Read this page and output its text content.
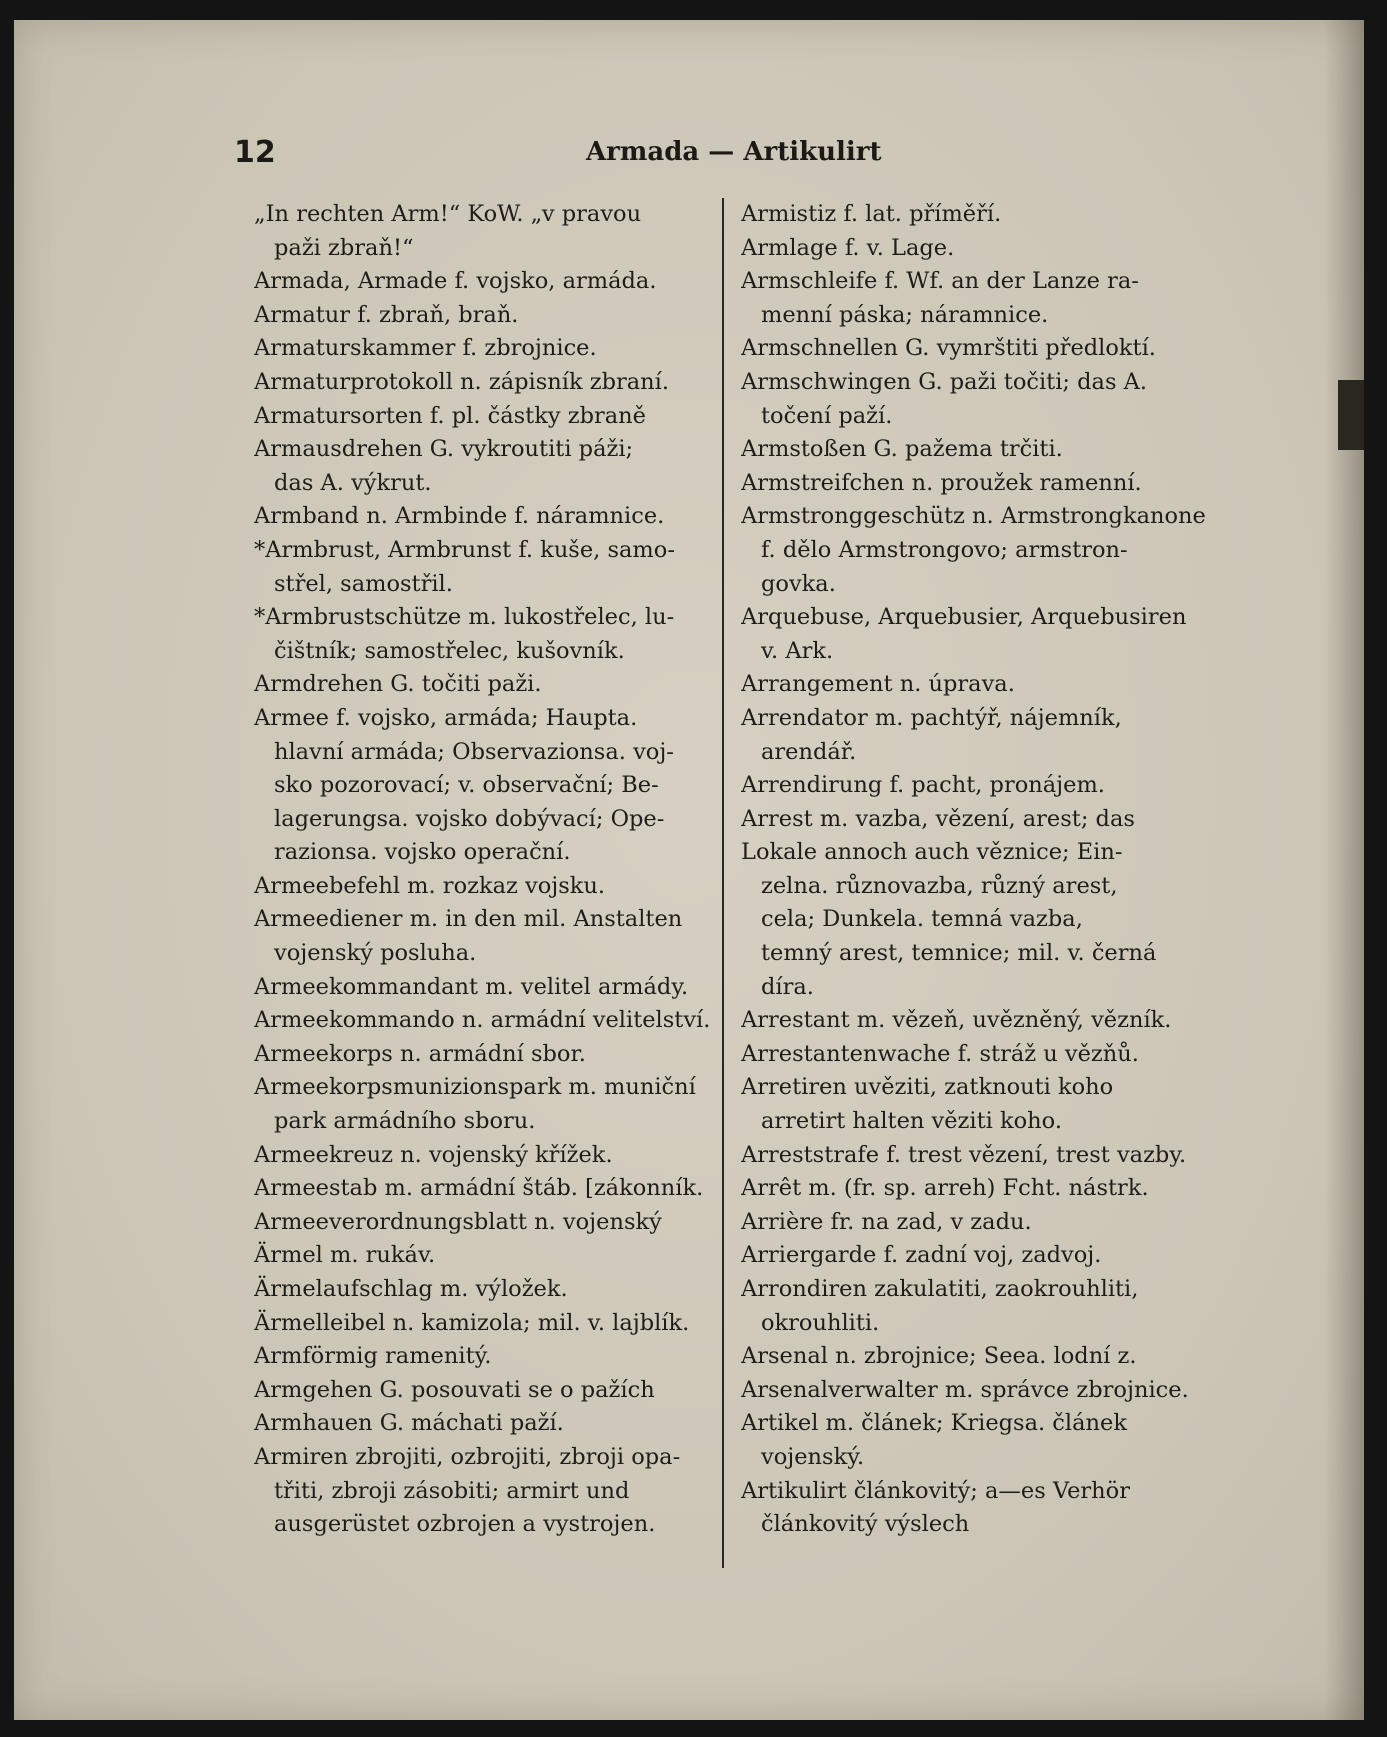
12	Armada — Artikulirt
„In rechten Arm!“ KoW. „v pravou
paži zbraň!“
Armada, Armade f. vojsko, armáda.
Armatur f. zbraň, braň.
Armaturskammer f. zbrojnice.
Armaturprotokoll n. zápisník zbraní.
Armatursorten f. pl. částky zbraně
Armausdrehen G. vykroutiti páži;
das A. výkrut.
Armband n. Armbinde f. náramnice.
*Armbrust, Armbrunst f. kuše, samo-
střel, samostřil.
*Armbrustschütze m. lukostřelec, lu-
čištník; samostřelec, kušovník.
Armdrehen G. točiti paži.
Armee f. vojsko, armáda; Haupta.
hlavní armáda; Observazionsa. voj-
sko pozorovací; v. observační; Be-
lagerungsa. vojsko dobývací; Ope-
razionsa. vojsko operační.
Armeebefehl m. rozkaz vojsku.
Armeediener m. in den mil. Anstalten
vojenský posluha.
Armeekommandant m. velitel armády.
Armeekommando n. armádní velitelství.
Armeekorps n. armádní sbor.
Armeekorpsmunizionspark m. muniční
park armádního sboru.
Armeekreuz n. vojenský křížek.
Armeestab m. armádní štáb. [zákonník.
Armeeverordnungsblatt n. vojenský
Ärmel m. rukáv.
Ärmelaufschlag m. výložek.
Ärmelleibel n. kamizola; mil. v. lajblík.
Armförmig ramenitý.
Armgehen G. posouvati se o pažích
Armhauen G. máchati paží.
Armiren zbrojiti, ozbrojiti, zbroji opa-
třiti, zbroji zásobiti; armirt und
ausgerüstet ozbrojen a vystrojen.
Armistiz f. lat. příměří.
Armlage f. v. Lage.
Armschleife f. Wf. an der Lanze ra-
menní páska; náramnice.
Armschnellen G. vymrštiti předloktí.
Armschwingen G. paži točiti; das A.
točení paží.
Armstoßen G. pažema trčiti.
Armstreifchen n. proužek ramenní.
Armstronggeschütz n. Armstrongkanone
f. dělo Armstrongovo; armstron-
govka.
Arquebuse, Arquebusier, Arquebusiren
v. Ark.
Arrangement n. úprava.
Arrendator m. pachtýř, nájemník,
arendář.
Arrendirung f. pacht, pronájem.
Arrest m. vazba, vězení, arest; das
Lokale annoch auch věznice; Ein-
zelna. různovazba, různý arest,
cela; Dunkela. temná vazba,
temný arest, temnice; mil. v. černá
díra.
Arrestant m. vězeň, uvězněný, vězník.
Arrestantenwache f. stráž u vězňů.
Arretiren uvěziti, zatknouti koho
arretirt halten věziti koho.
Arreststrafe f. trest vězení, trest vazby.
Arrêt m. (fr. sp. arreh) Fcht. nástrk.
Arrière fr. na zad, v zadu.
Arriergarde f. zadní voj, zadvoj.
Arrondiren zakulatiti, zaokrouhliti,
okrouhliti.
Arsenal n. zbrojnice; Seea. lodní z.
Arsenalverwalter m. správce zbrojnice.
Artikel m. článek; Kriegsa. článek
vojenský.
Artikulirt článkovitý; a—es Verhör
článkovitý výslech
